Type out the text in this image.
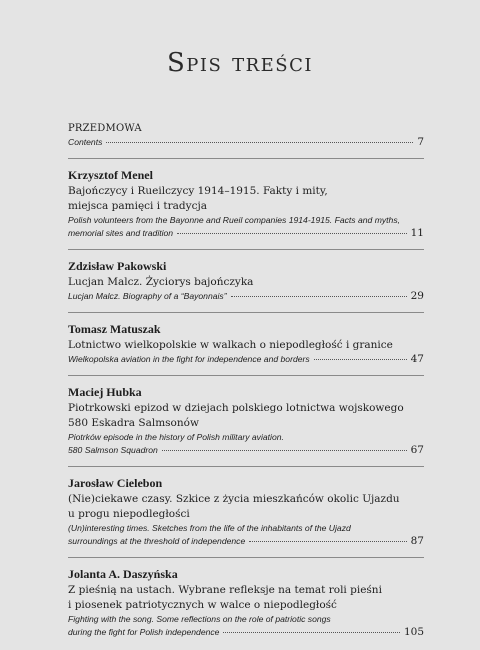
Spis treści
PRZEDMOWA
Contents	7
Krzysztof Menel
Bajończycy i Rueilczycy 1914–1915. Fakty i mity,
miejsca pamięci i tradycja
Polish volunteers from the Bayonne and Rueil companies 1914-1915. Facts and myths,
memorial sites and tradition	11
Zdzisław Pakowski
Lucjan Malcz. Życiorys bajończyka
Lucjan Malcz. Biography of a “Bayonnais”	29
Tomasz Matuszak
Lotnictwo wielkopolskie w walkach o niepodległość i granice
Wielkopolska aviation in the fight for independence and borders	47
Maciej Hubka
Piotrkowski epizod w dziejach polskiego lotnictwa wojskowego
580 Eskadra Salmsonów
Piotrków episode in the history of Polish military aviation.
580 Salmson Squadron	67
Jarosław Cielebon
(Nie)ciekawe czasy. Szkice z życia mieszkańców okolic Ujazdu
u progu niepodległości
(Un)interesting times. Sketches from the life of the inhabitants of the Ujazd
surroundings at the threshold of independence	87
Jolanta A. Daszyńska
Z pieśnią na ustach. Wybrane refleksje na temat roli pieśni
i piosenek patriotycznych w walce o niepodległość
Fighting with the song. Some reflections on the role of patriotic songs
during the fight for Polish independence	105
